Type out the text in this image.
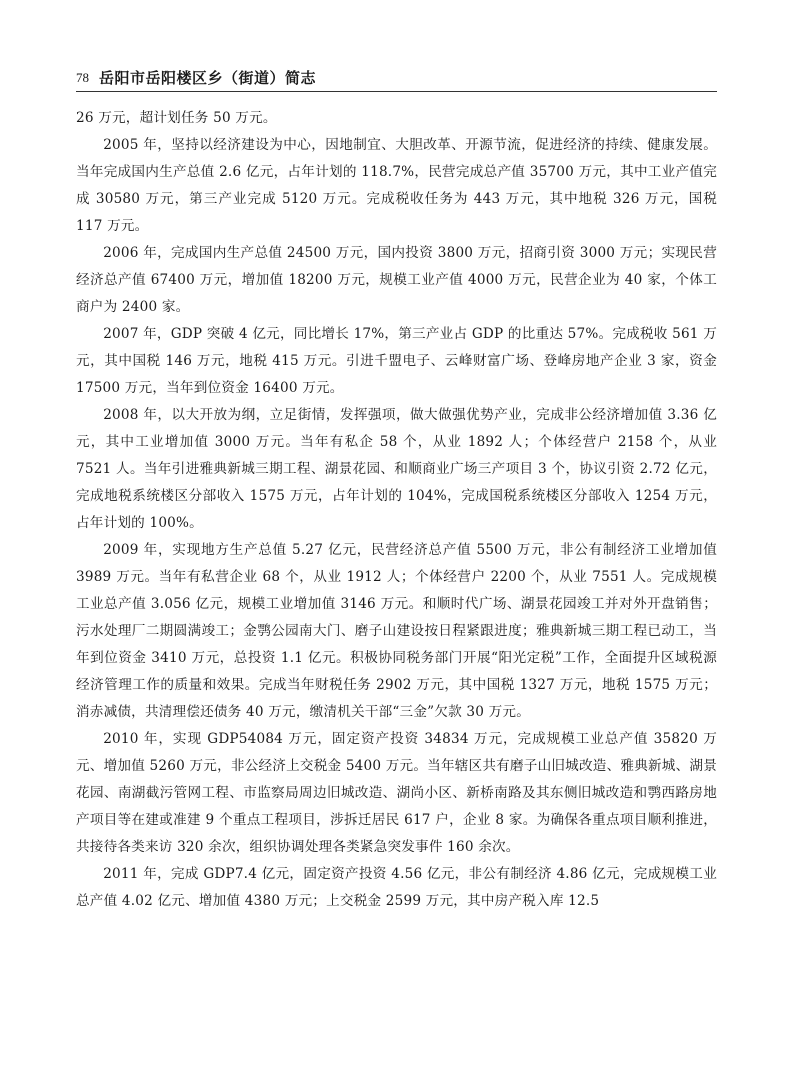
78 岳阳市岳阳楼区乡（街道）简志

26 万元，超计划任务 50 万元。

2005 年，坚持以经济建设为中心，因地制宜、大胆改革、开源节流，促进经济的持续、健康发展。当年完成国内生产总值 2.6 亿元，占年计划的 118.7%，民营完成总产值 35700 万元，其中工业产值完成 30580 万元，第三产业完成 5120 万元。完成税收任务为 443 万元，其中地税 326 万元，国税 117 万元。

2006 年，完成国内生产总值 24500 万元，国内投资 3800 万元，招商引资 3000 万元；实现民营经济总产值 67400 万元，增加值 18200 万元，规模工业产值 4000 万元，民营企业为 40 家，个体工商户为 2400 家。

2007 年，GDP 突破 4 亿元，同比增长 17%，第三产业占 GDP 的比重达 57%。完成税收 561 万元，其中国税 146 万元，地税 415 万元。引进千盟电子、云峰财富广场、登峰房地产企业 3 家，资金 17500 万元，当年到位资金 16400 万元。

2008 年，以大开放为纲，立足街情，发挥强项，做大做强优势产业，完成非公经济增加值 3.36 亿元，其中工业增加值 3000 万元。当年有私企 58 个，从业 1892 人；个体经营户 2158 个，从业 7521 人。当年引进雅典新城三期工程、湖景花园、和顺商业广场三产项目 3 个，协议引资 2.72 亿元，完成地税系统楼区分部收入 1575 万元，占年计划的 104%，完成国税系统楼区分部收入 1254 万元，占年计划的 100%。

2009 年，实现地方生产总值 5.27 亿元，民营经济总产值 5500 万元，非公有制经济工业增加值 3989 万元。当年有私营企业 68 个，从业 1912 人；个体经营户 2200 个，从业 7551 人。完成规模工业总产值 3.056 亿元，规模工业增加值 3146 万元。和顺时代广场、湖景花园竣工并对外开盘销售；污水处理厂二期圆满竣工；金鹗公园南大门、磨子山建设按日程紧跟进度；雅典新城三期工程已动工，当年到位资金 3410 万元，总投资 1.1 亿元。积极协同税务部门开展“阳光定税”工作，全面提升区域税源经济管理工作的质量和效果。完成当年财税任务 2902 万元，其中国税 1327 万元，地税 1575 万元；消赤减债，共清理偿还债务 40 万元，缴清机关干部“三金”欠款 30 万元。

2010 年，实现 GDP54084 万元，固定资产投资 34834 万元，完成规模工业总产值 35820 万元、增加值 5260 万元，非公经济上交税金 5400 万元。当年辖区共有磨子山旧城改造、雅典新城、湖景花园、南湖截污管网工程、市监察局周边旧城改造、湖尚小区、新桥南路及其东侧旧城改造和鹗西路房地产项目等在建或准建 9 个重点工程项目，涉拆迁居民 617 户，企业 8 家。为确保各重点项目顺利推进，共接待各类来访 320 余次，组织协调处理各类紧急突发事件 160 余次。

2011 年，完成 GDP7.4 亿元，固定资产投资 4.56 亿元，非公有制经济 4.86 亿元，完成规模工业总产值 4.02 亿元、增加值 4380 万元；上交税金 2599 万元，其中房产税入库 12.5
